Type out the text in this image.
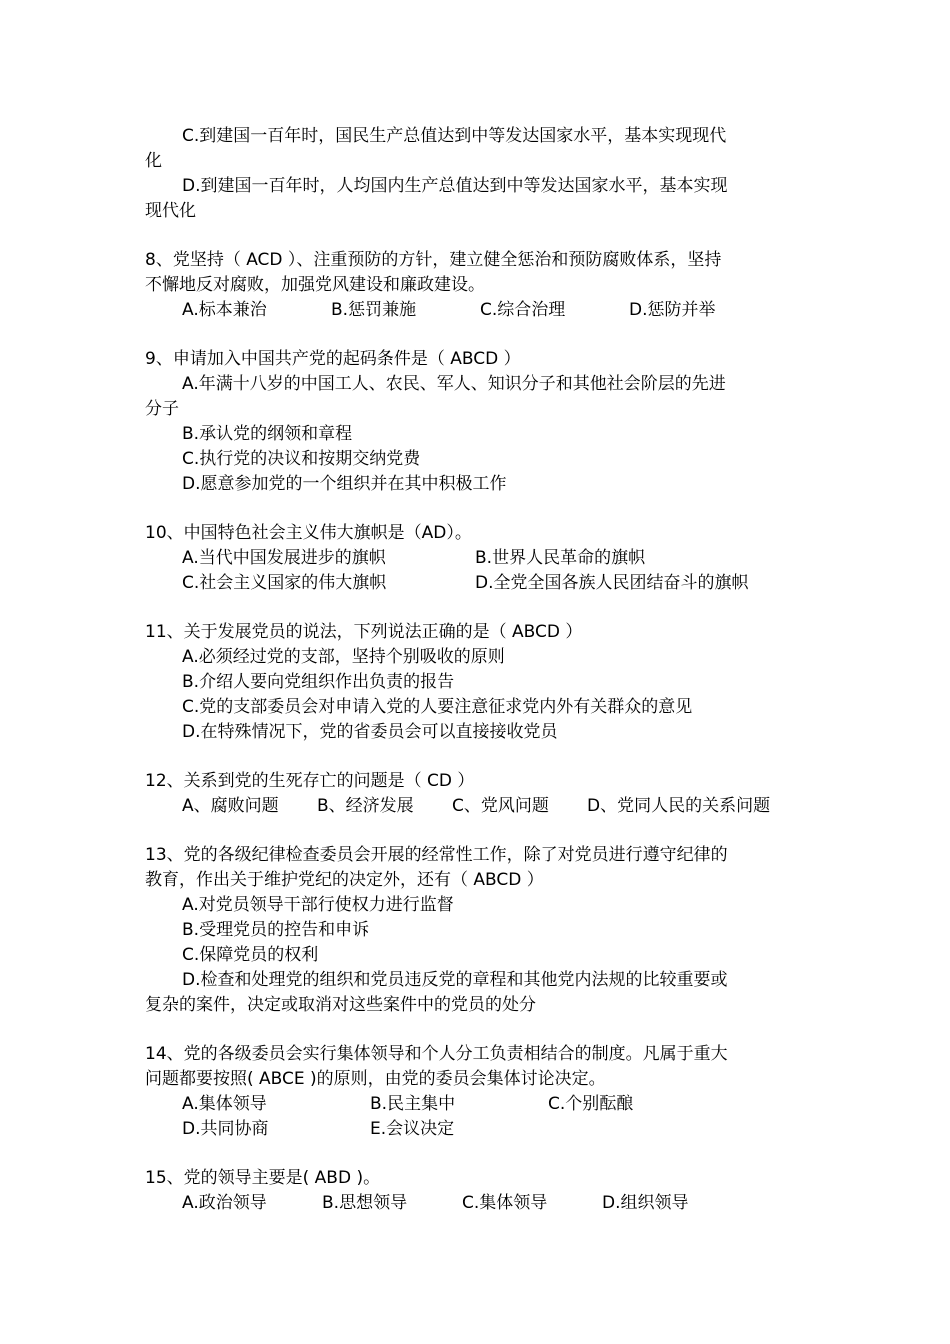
C.到建国一百年时，国民生产总值达到中等发达国家水平，基本实现现代
化
D.到建国一百年时，人均国内生产总值达到中等发达国家水平，基本实现
现代化
8、党坚持（ ACD ）、注重预防的方针，建立健全惩治和预防腐败体系，坚持
不懈地反对腐败，加强党风建设和廉政建设。
A.标本兼治	B.惩罚兼施	C.综合治理	D.惩防并举
9、申请加入中国共产党的起码条件是（ ABCD ）
A.年满十八岁的中国工人、农民、军人、知识分子和其他社会阶层的先进
分子
B.承认党的纲领和章程
C.执行党的决议和按期交纳党费
D.愿意参加党的一个组织并在其中积极工作
10、中国特色社会主义伟大旗帜是（AD）。
A.当代中国发展进步的旗帜	B.世界人民革命的旗帜
C.社会主义国家的伟大旗帜	D.全党全国各族人民团结奋斗的旗帜
11、关于发展党员的说法，下列说法正确的是（ ABCD ）
A.必须经过党的支部，坚持个别吸收的原则
B.介绍人要向党组织作出负责的报告
C.党的支部委员会对申请入党的人要注意征求党内外有关群众的意见
D.在特殊情况下，党的省委员会可以直接接收党员
12、关系到党的生死存亡的问题是（ CD ）
A、腐败问题	B、经济发展	C、党风问题	D、党同人民的关系问题
13、党的各级纪律检查委员会开展的经常性工作，除了对党员进行遵守纪律的
教育，作出关于维护党纪的决定外，还有（ ABCD ）
A.对党员领导干部行使权力进行监督
B.受理党员的控告和申诉
C.保障党员的权利
D.检查和处理党的组织和党员违反党的章程和其他党内法规的比较重要或
复杂的案件，决定或取消对这些案件中的党员的处分
14、党的各级委员会实行集体领导和个人分工负责相结合的制度。凡属于重大
问题都要按照( ABCE )的原则，由党的委员会集体讨论决定。
A.集体领导	B.民主集中	C.个别酝酿
D.共同协商	E.会议决定
15、党的领导主要是( ABD )。
A.政治领导	B.思想领导	C.集体领导	D.组织领导
